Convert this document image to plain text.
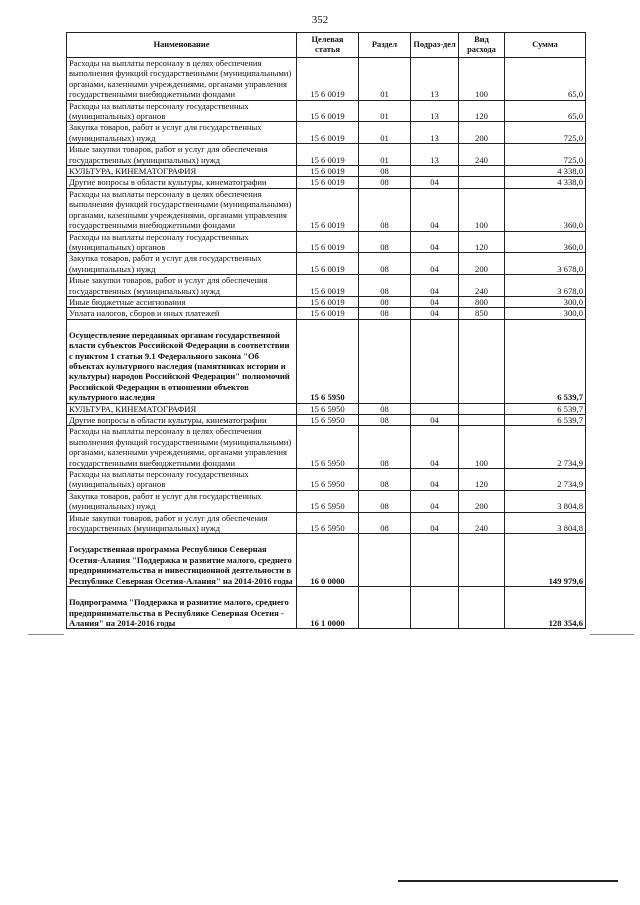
352
Наименование	Целевая статья	Раздел	Подраз-дел	Вид расхода	Сумма
Расходы на выплаты персоналу в целях обеспечения выполнения функций государственными (муниципальными) органами, казенными учреждениями, органами управления государственными внебюджетными фондами	15 6 0019	01	13	100	65,0
Расходы на выплаты персоналу государственных (муниципальных) органов	15 6 0019	01	13	120	65,0
Закупка товаров, работ и услуг для государственных (муниципальных) нужд	15 6 0019	01	13	200	725,0
Иные закупки товаров, работ и услуг для обеспечения государственных (муниципальных) нужд	15 6 0019	01	13	240	725,0
КУЛЬТУРА, КИНЕМАТОГРАФИЯ	15 6 0019	08			4 338,0
Другие вопросы в области культуры, кинематографии	15 6 0019	08	04		4 338,0
Расходы на выплаты персоналу в целях обеспечения выполнения функций государственными (муниципальными) органами, казенными учреждениями, органами управления государственными внебюджетными фондами	15 6 0019	08	04	100	360,0
Расходы на выплаты персоналу государственных (муниципальных) органов	15 6 0019	08	04	120	360,0
Закупка товаров, работ и услуг для государственных (муниципальных) нужд	15 6 0019	08	04	200	3 678,0
Иные закупки товаров, работ и услуг для обеспечения государственных (муниципальных) нужд	15 6 0019	08	04	240	3 678,0
Иные бюджетные ассигнования	15 6 0019	08	04	800	300,0
Уплата налогов, сборов и иных платежей	15 6 0019	08	04	850	300,0
Осуществление переданных органам государственной власти субъектов Российской Федерации в соответствии с пунктом 1 статьи 9.1 Федерального закона "Об объектах культурного наследия (памятниках истории и культуры) народов Российской Федерации" полномочий Российской Федерации в отношении объектов культурного наследия	15 6 5950				6 539,7
КУЛЬТУРА, КИНЕМАТОГРАФИЯ	15 6 5950	08			6 539,7
Другие вопросы в области культуры, кинематографии	15 6 5950	08	04		6 539,7
Расходы на выплаты персоналу в целях обеспечения выполнения функций государственными (муниципальными) органами, казенными учреждениями, органами управления государственными внебюджетными фондами	15 6 5950	08	04	100	2 734,9
Расходы на выплаты персоналу государственных (муниципальных) органов	15 6 5950	08	04	120	2 734,9
Закупка товаров, работ и услуг для государственных (муниципальных) нужд	15 6 5950	08	04	200	3 804,8
Иные закупки товаров, работ и услуг для обеспечения государственных (муниципальных) нужд	15 6 5950	08	04	240	3 804,8
Государственная программа Республики Северная Осетия-Алания "Поддержка и развитие малого, среднего предпринимательства и инвестиционной деятельности в Республике Северная Осетия-Алания" на 2014-2016 годы	16 0 0000				149 979,6
Подпрограмма "Поддержка и развитие малого, среднего предпринимательства в Республике Северная Осетия - Алания" на 2014-2016 годы	16 1 0000				128 354,6
